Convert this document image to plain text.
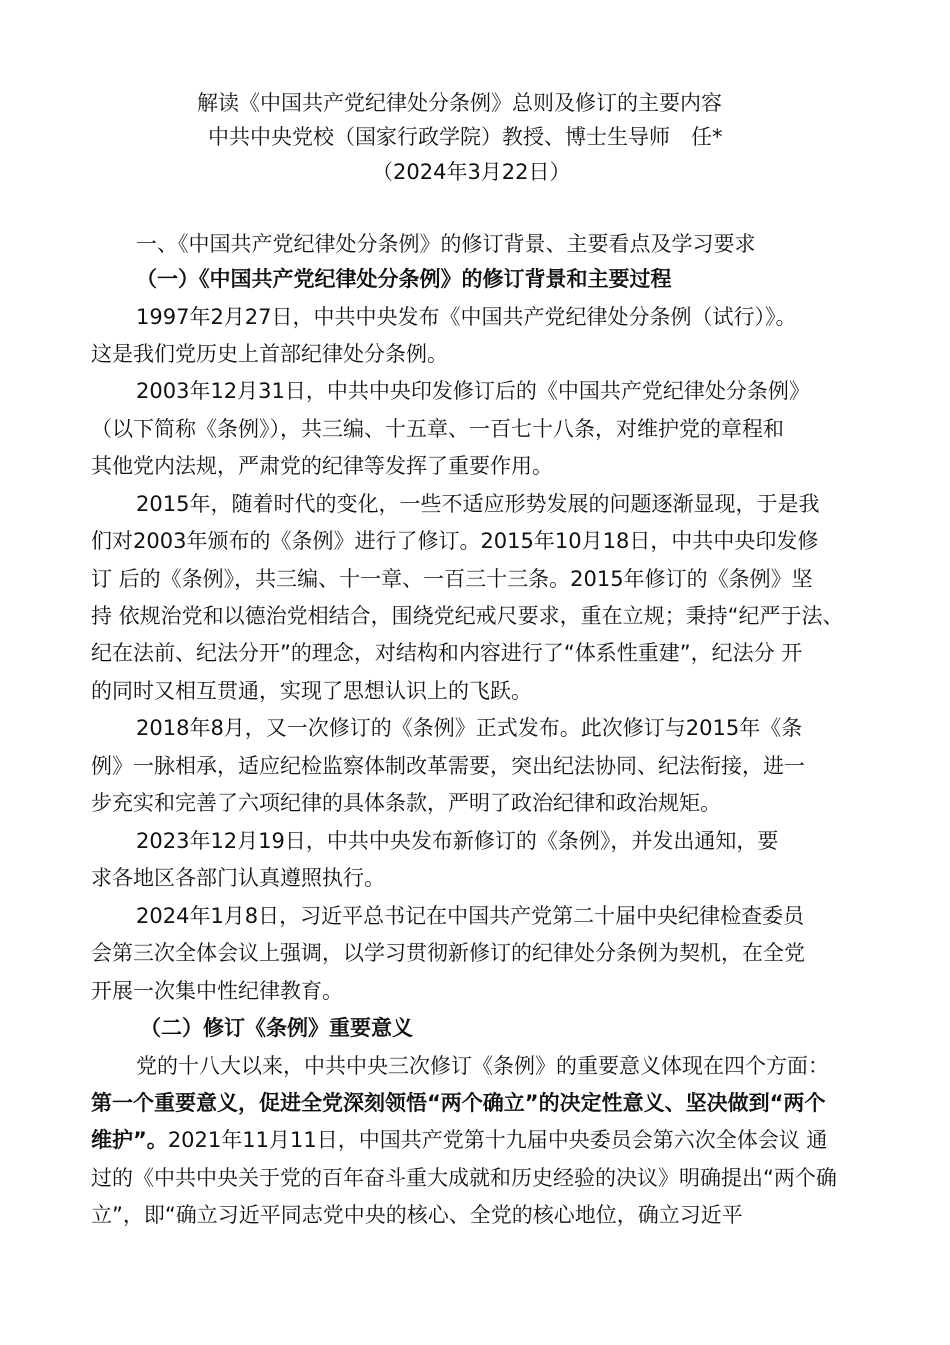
解读《中国共产党纪律处分条例》总则及修订的主要内容
中共中央党校（国家行政学院）教授、博士生导师　任*
（2024年3月22日）
一、《中国共产党纪律处分条例》的修订背景、主要看点及学习要求
（一）《中国共产党纪律处分条例》的修订背景和主要过程
1997年2月27日，中共中央发布《中国共产党纪律处分条例（试行）》。
这是我们党历史上首部纪律处分条例。
2003年12月31日，中共中央印发修订后的《中国共产党纪律处分条例》
（以下简称《条例》），共三编、十五章、一百七十八条，对维护党的章程和
其他党内法规，严肃党的纪律等发挥了重要作用。
2015年，随着时代的变化，一些不适应形势发展的问题逐渐显现，于是我
们对2003年颁布的《条例》进行了修订。2015年10月18日，中共中央印发修
订 后的《条例》，共三编、十一章、一百三十三条。2015年修订的《条例》坚
持 依规治党和以德治党相结合，围绕党纪戒尺要求，重在立规；秉持“纪严于法、
纪在法前、纪法分开”的理念，对结构和内容进行了“体系性重建”，纪法分 开
的同时又相互贯通，实现了思想认识上的飞跃。
2018年8月，又一次修订的《条例》正式发布。此次修订与2015年《条
例》一脉相承，适应纪检监察体制改革需要，突出纪法协同、纪法衔接，进一
步充实和完善了六项纪律的具体条款，严明了政治纪律和政治规矩。
2023年12月19日，中共中央发布新修订的《条例》，并发出通知，要
求各地区各部门认真遵照执行。
2024年1月8日，习近平总书记在中国共产党第二十届中央纪律检查委员
会第三次全体会议上强调，以学习贯彻新修订的纪律处分条例为契机，在全党
开展一次集中性纪律教育。
（二）修订《条例》重要意义
党的十八大以来，中共中央三次修订《条例》的重要意义体现在四个方面：
第一个重要意义，促进全党深刻领悟“两个确立”的决定性意义、坚决做到“两个
维护”。2021年11月11日，中国共产党第十九届中央委员会第六次全体会议 通
过的《中共中央关于党的百年奋斗重大成就和历史经验的决议》明确提出“两个确
立”，即“确立习近平同志党中央的核心、全党的核心地位，确立习近平
